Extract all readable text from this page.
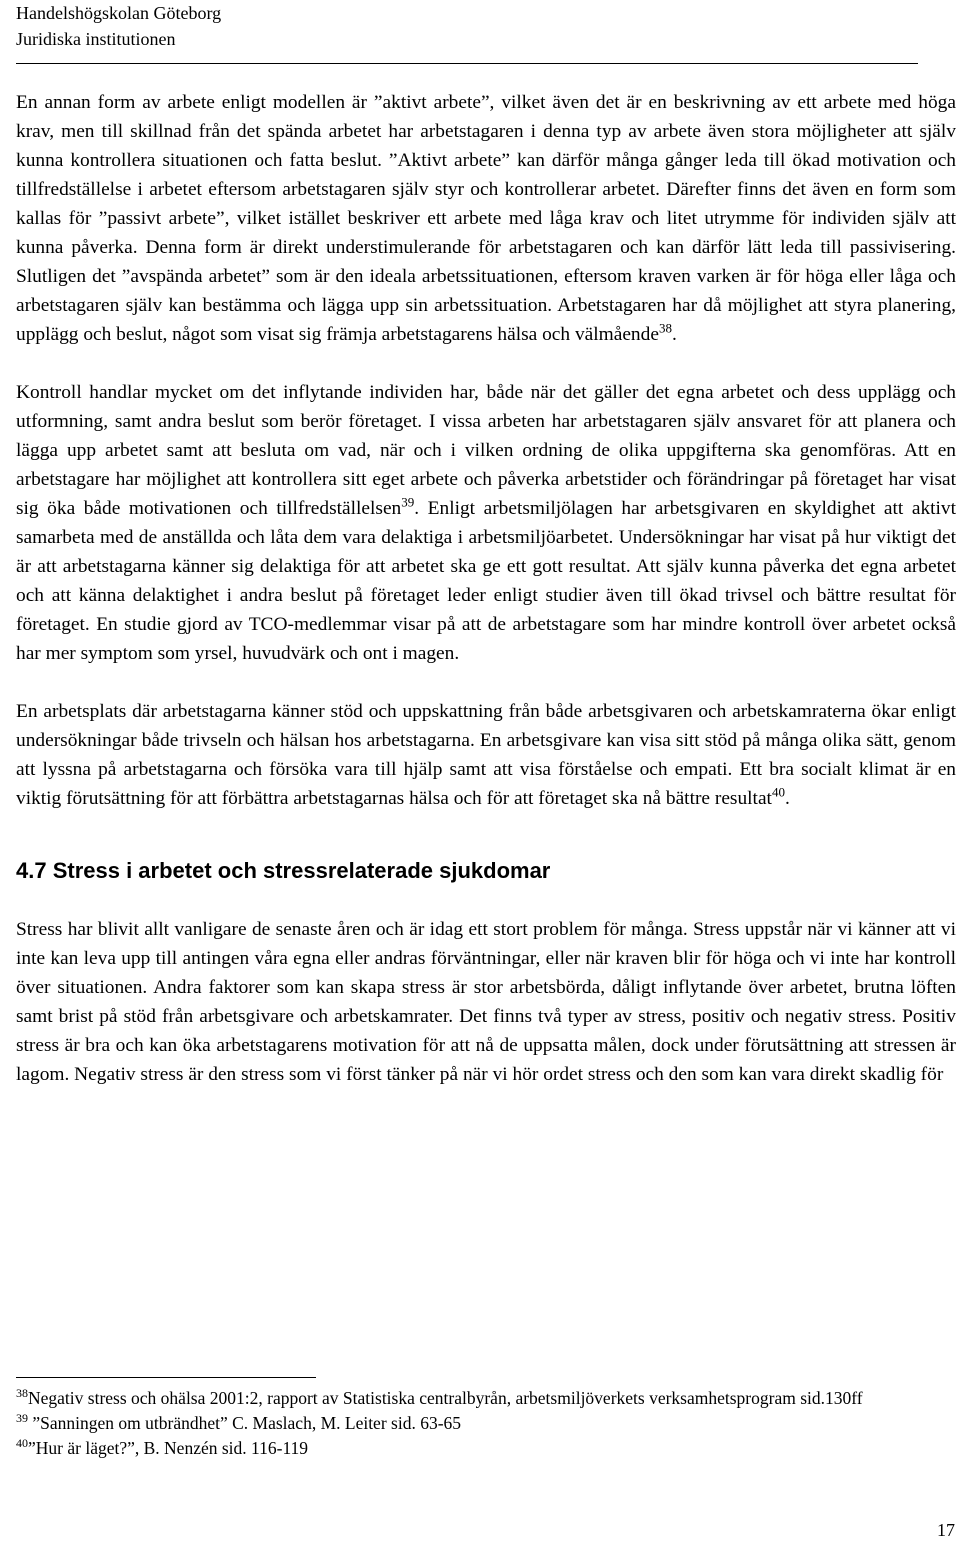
Handelshögskolan Göteborg
Juridiska institutionen

En annan form av arbete enligt modellen är ”aktivt arbete”, vilket även det är en beskrivning av ett arbete med höga krav, men till skillnad från det spända arbetet har arbetstagaren i denna typ av arbete även stora möjligheter att själv kunna kontrollera situationen och fatta beslut. ”Aktivt arbete” kan därför många gånger leda till ökad motivation och tillfredställelse i arbetet eftersom arbetstagaren själv styr och kontrollerar arbetet. Därefter finns det även en form som kallas för ”passivt arbete”, vilket istället beskriver ett arbete med låga krav och litet utrymme för individen själv att kunna påverka. Denna form är direkt understimulerande för arbetstagaren och kan därför lätt leda till passivisering. Slutligen det ”avspända arbetet” som är den ideala arbetssituationen, eftersom kraven varken är för höga eller låga och arbetstagaren själv kan bestämma och lägga upp sin arbetssituation. Arbetstagaren har då möjlighet att styra planering, upplägg och beslut, något som visat sig främja arbetstagarens hälsa och välmående$^{38}$.

Kontroll handlar mycket om det inflytande individen har, både när det gäller det egna arbetet och dess upplägg och utformning, samt andra beslut som berör företaget. I vissa arbeten har arbetstagaren själv ansvaret för att planera och lägga upp arbetet samt att besluta om vad, när och i vilken ordning de olika uppgifterna ska genomföras. Att en arbetstagare har möjlighet att kontrollera sitt eget arbete och påverka arbetstider och förändringar på företaget har visat sig öka både motivationen och tillfredställelsen$^{39}$. Enligt arbetsmiljölagen har arbetsgivaren en skyldighet att aktivt samarbeta med de anställda och låta dem vara delaktiga i arbetsmiljöarbetet. Undersökningar har visat på hur viktigt det är att arbetstagarna känner sig delaktiga för att arbetet ska ge ett gott resultat. Att själv kunna påverka det egna arbetet och att känna delaktighet i andra beslut på företaget leder enligt studier även till ökad trivsel och bättre resultat för företaget. En studie gjord av TCO-medlemmar visar på att de arbetstagare som har mindre kontroll över arbetet också har mer symptom som yrsel, huvudvärk och ont i magen.

En arbetsplats där arbetstagarna känner stöd och uppskattning från både arbetsgivaren och arbetskamraterna ökar enligt undersökningar både trivseln och hälsan hos arbetstagarna. En arbetsgivare kan visa sitt stöd på många olika sätt, genom att lyssna på arbetstagarna och försöka vara till hjälp samt att visa förståelse och empati. Ett bra socialt klimat är en viktig förutsättning för att förbättra arbetstagarnas hälsa och för att företaget ska nå bättre resultat$^{40}$.

4.7 Stress i arbetet och stressrelaterade sjukdomar

Stress har blivit allt vanligare de senaste åren och är idag ett stort problem för många. Stress uppstår när vi känner att vi inte kan leva upp till antingen våra egna eller andras förväntningar, eller när kraven blir för höga och vi inte har kontroll över situationen. Andra faktorer som kan skapa stress är stor arbetsbörda, dåligt inflytande över arbetet, brutna löften samt brist på stöd från arbetsgivare och arbetskamrater. Det finns två typer av stress, positiv och negativ stress. Positiv stress är bra och kan öka arbetstagarens motivation för att nå de uppsatta målen, dock under förutsättning att stressen är lagom. Negativ stress är den stress som vi först tänker på när vi hör ordet stress och den som kan vara direkt skadlig för

$^{38}$Negativ stress och ohälsa 2001:2, rapport av Statistiska centralbyrån, arbetsmiljöverkets verksamhetsprogram sid.130ff
$^{39}$ ”Sanningen om utbrändhet” C. Maslach, M. Leiter sid. 63-65
$^{40}$”Hur är läget?”, B. Nenzén sid. 116-119
17
